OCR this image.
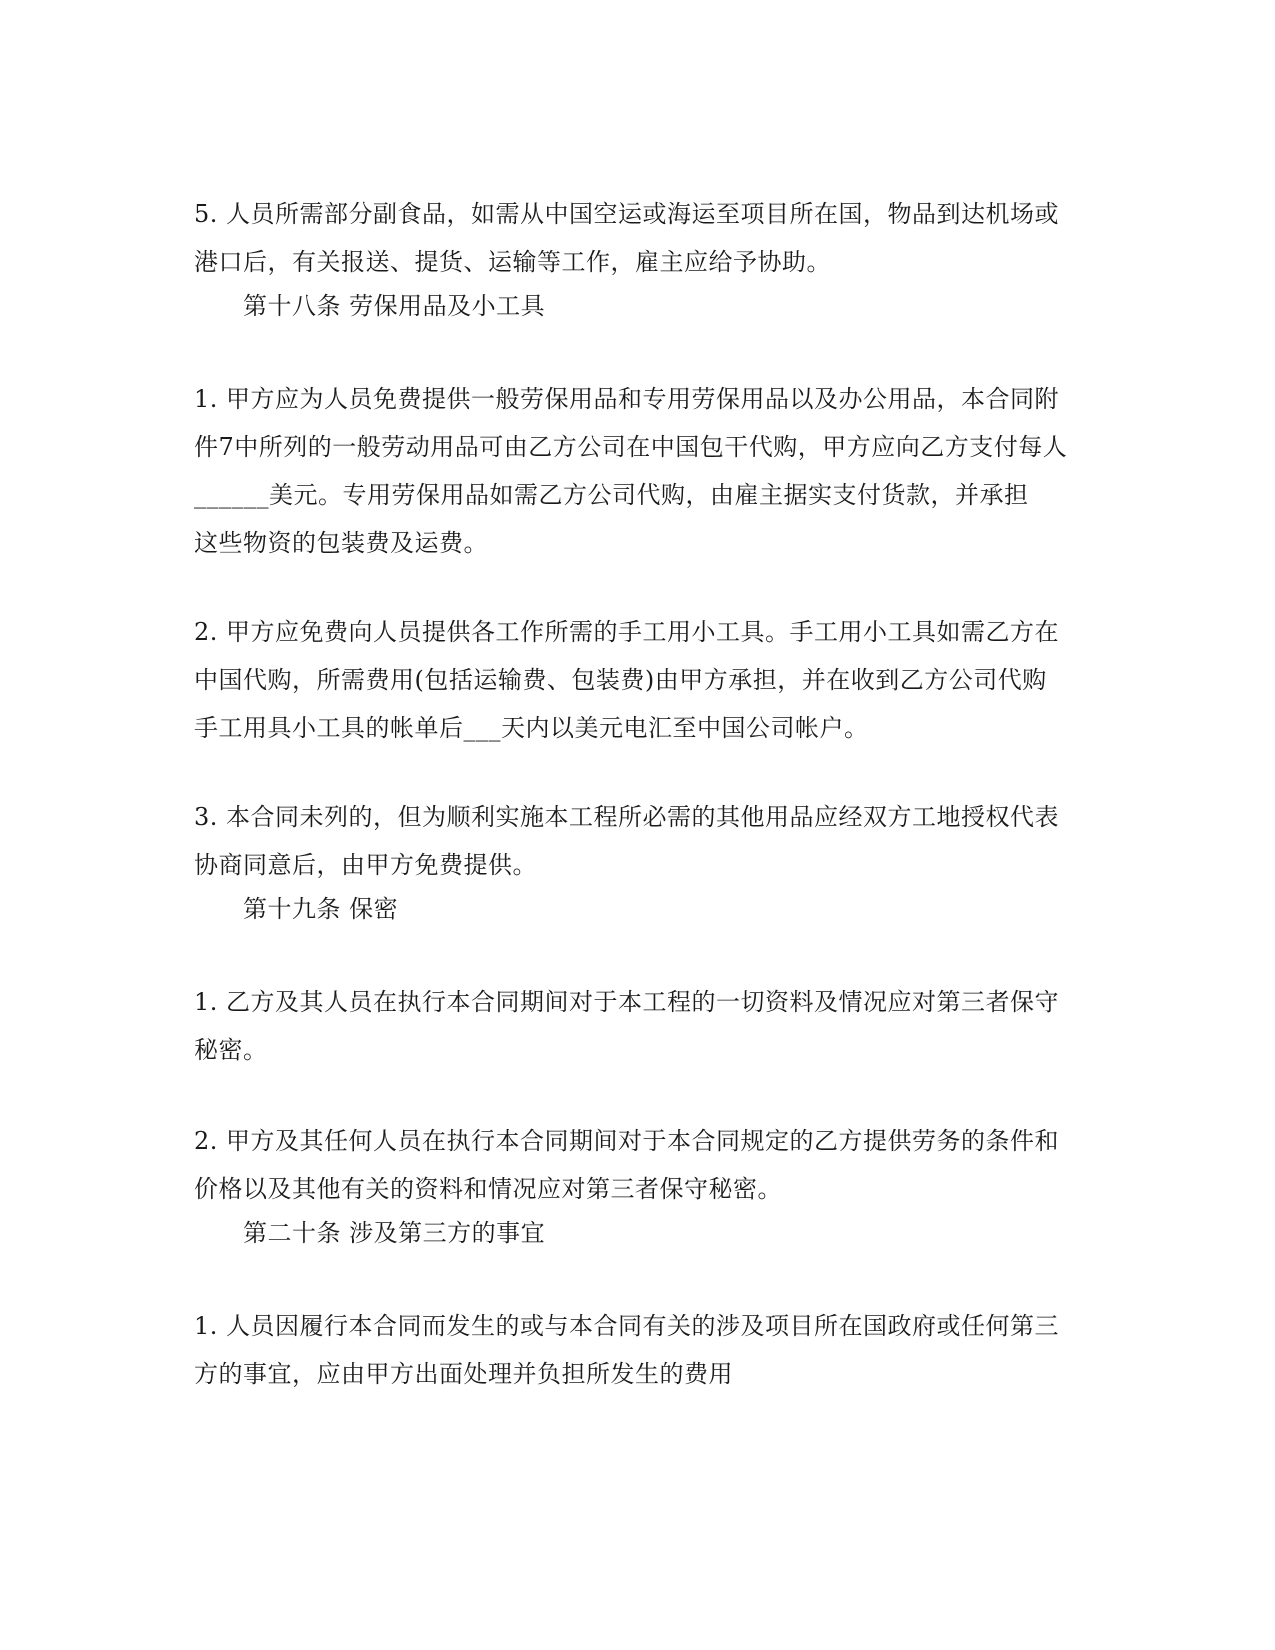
5. 人员所需部分副食品，如需从中国空运或海运至项目所在国，物品到达机场或
港口后，有关报送、提货、运输等工作，雇主应给予协助。
第十八条 劳保用品及小工具
1. 甲方应为人员免费提供一般劳保用品和专用劳保用品以及办公用品，本合同附
件7中所列的一般劳动用品可由乙方公司在中国包干代购，甲方应向乙方支付每人
______美元。专用劳保用品如需乙方公司代购，由雇主据实支付货款，并承担
这些物资的包装费及运费。
2. 甲方应免费向人员提供各工作所需的手工用小工具。手工用小工具如需乙方在
中国代购，所需费用(包括运输费、包装费)由甲方承担，并在收到乙方公司代购
手工用具小工具的帐单后___天内以美元电汇至中国公司帐户。
3. 本合同未列的，但为顺利实施本工程所必需的其他用品应经双方工地授权代表
协商同意后，由甲方免费提供。
第十九条 保密
1. 乙方及其人员在执行本合同期间对于本工程的一切资料及情况应对第三者保守
秘密。
2. 甲方及其任何人员在执行本合同期间对于本合同规定的乙方提供劳务的条件和
价格以及其他有关的资料和情况应对第三者保守秘密。
第二十条 涉及第三方的事宜
1. 人员因履行本合同而发生的或与本合同有关的涉及项目所在国政府或任何第三
方的事宜，应由甲方出面处理并负担所发生的费用
